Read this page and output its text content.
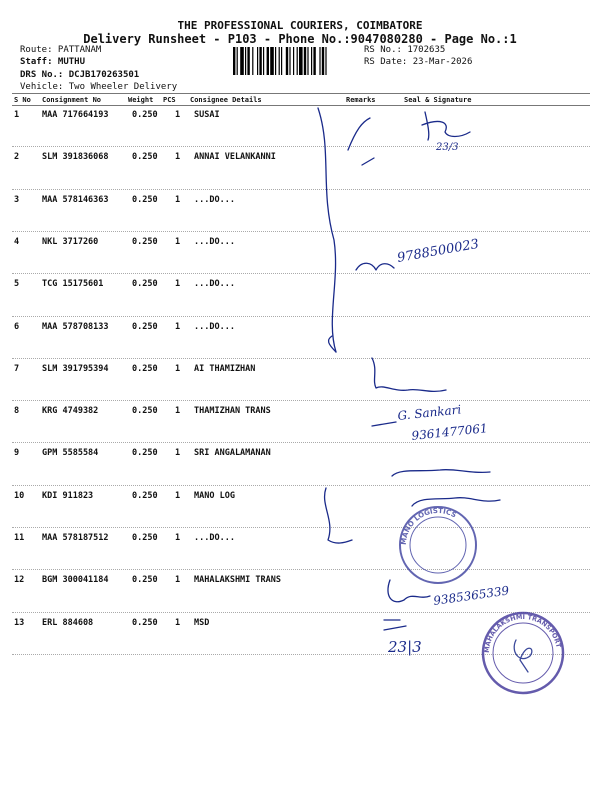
THE PROFESSIONAL COURIERS, COIMBATORE
Delivery Runsheet - P103 - Phone No.:9047080280 - Page No.:1
Route: PATTANAM
Staff: MUTHU
DRS No.: DCJB170263501
Vehicle: Two Wheeler Delivery
RS No.: 1702635
RS Date: 23-Mar-2026
S No Consignment No	Weight PCS Consignee Details	Remarks	Seal & Signature
1	MAA 717664193	0.250 1 SUSAI
2	SLM 391836068	0.250 1 ANNAI VELANKANNI
3	MAA 578146363	0.250 1 ...DO...
4	NKL 3717260	0.250 1 ...DO...
5	TCG 15175601	0.250 1 ...DO...
6	MAA 578708133	0.250 1 ...DO...
7	SLM 391795394	0.250 1 AI THAMIZHAN
8	KRG 4749382	0.250 1 THAMIZHAN TRANS
9	GPM 5585584	0.250 1 SRI ANGALAMANAN
10 KDI 911823	0.250 1 MANO LOG
11 MAA 578187512	0.250 1 ...DO...
12 BGM 300041184	0.250 1 MAHALAKSHMI TRANS
13 ERL 884608	0.250 1 MSD
23/3
9788500023
G. Sankari
9361477061
9385365339
23|3
MANO LOGISTICS
MAHALAKSHMI TRANSPORT
